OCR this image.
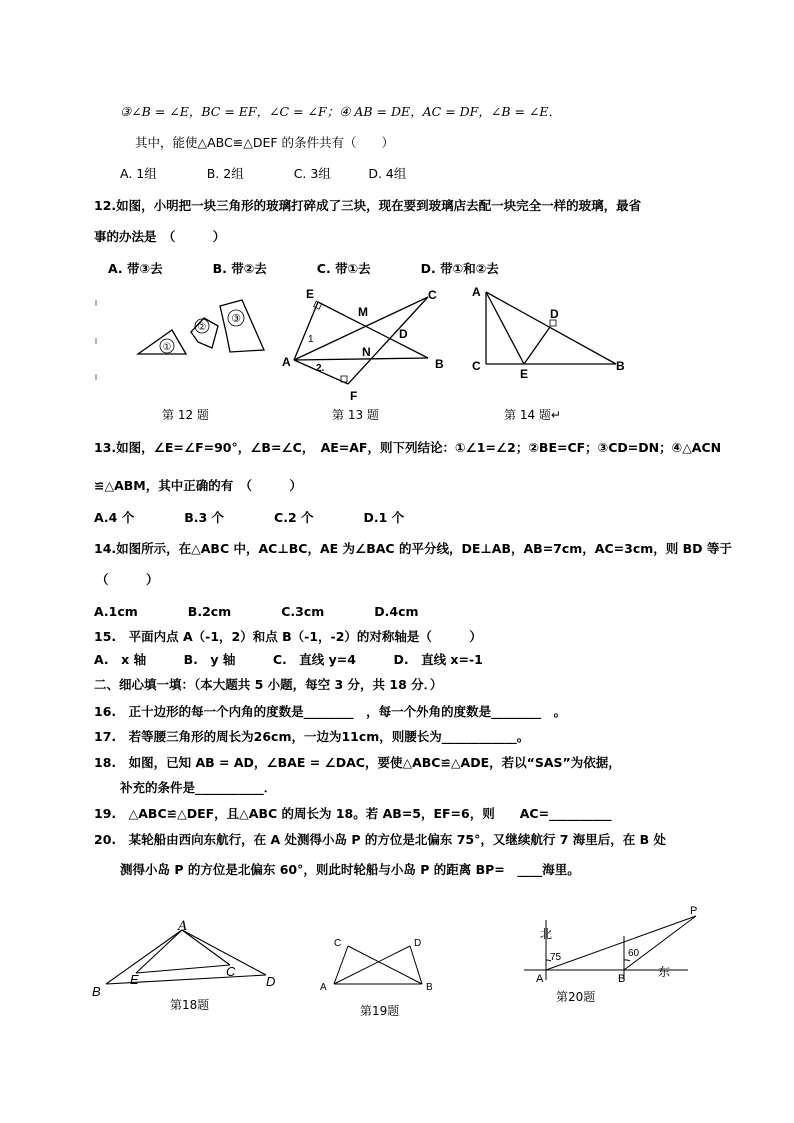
③∠B = ∠E，BC = EF，∠C = ∠F；④ AB = DE，AC = DF，∠B = ∠E．
其中，能使△ABC≌△DEF 的条件共有（　　）
A. 1组　　　　B. 2组　　　　C. 3组　　　D. 4组
12.如图，小明把一块三角形的玻璃打碎成了三块，现在要到玻璃店去配一块完全一样的玻璃，最省
事的办法是　（　　　）
A. 带③去　　　　B. 带②去　　　　C. 带①去　　　　D. 带①和②去
13.如图，∠E=∠F=90°，∠B=∠C，　AE=AF，则下列结论：①∠1=∠2；②BE=CF；③CD=DN；④△ACN
≌△ABM，其中正确的有　（　　　）
A.4 个　　　　B.3 个　　　　C.2 个　　　　D.1 个
14.如图所示，在△ABC 中，AC⊥BC，AE 为∠BAC 的平分线，DE⊥AB，AB=7cm，AC=3cm，则 BD 等于
（　　　）
A.1cm　　　　B.2cm　　　　C.3cm　　　　D.4cm
15.　平面内点 A（-1，2）和点 B（-1，-2）的对称轴是（　　　）
A.　x 轴　　　B.　y 轴　　　C.　直线 y=4　　　D.　直线 x=-1
二、细心填一填：（本大题共 5 小题，每空 3 分，共 18 分．）
16.　正十边形的每一个内角的度数是________　，每一个外角的度数是________　。
17.　若等腰三角形的周长为26cm，一边为11cm，则腰长为____________。
18.　如图，已知 AB = AD，∠BAE = ∠DAC，要使△ABC≌△ADE，若以“SAS”为依据，
补充的条件是___________．
19.　△ABC≌△DEF，且△ABC 的周长为 18。若 AB=5，EF=6，则　　AC=__________
20.　某轮船由西向东航行，在 A 处测得小岛 P 的方位是北偏东 75°，又继续航行 7 海里后，在 B 处
测得小岛 P 的方位是北偏东 60°，则此时轮船与小岛 P 的距离 BP=　____海里。
①
②
③
第 12 题
E
M
C
D
A
N
B
F
1
2.
第 13 题
A
D
C
E
B
第 14 题↵
A
B
E
C
D
第18题
C	D
A	B
第19题
北
东
P
A	B
75	60
第20题
